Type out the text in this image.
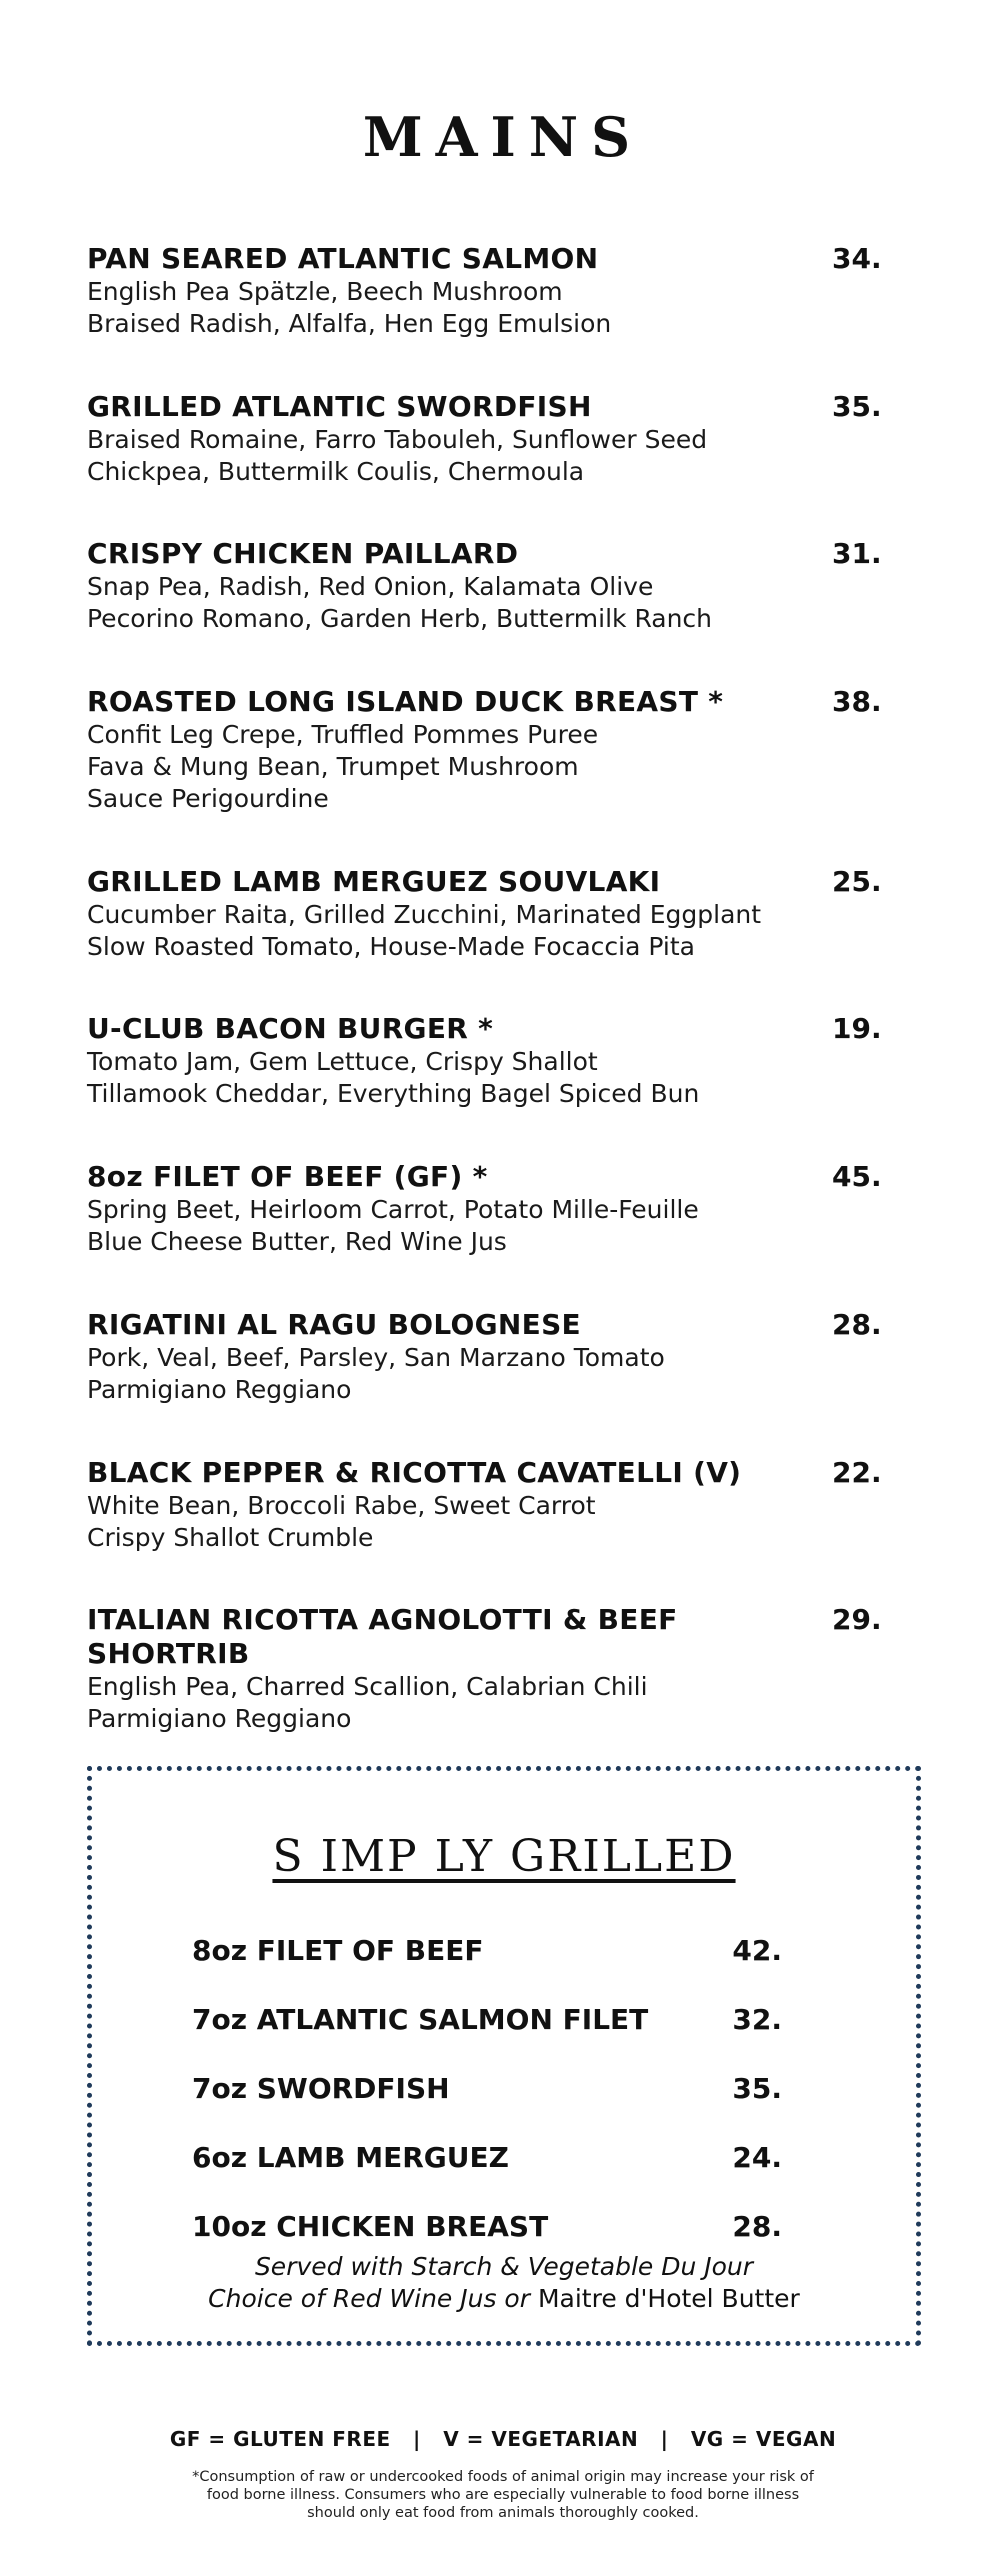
MAINS
PAN SEARED ATLANTIC SALMON	34.
English Pea Spätzle, Beech Mushroom
Braised Radish, Alfalfa, Hen Egg Emulsion
GRILLED ATLANTIC SWORDFISH	35.
Braised Romaine, Farro Tabouleh, Sunflower Seed
Chickpea, Buttermilk Coulis, Chermoula
CRISPY CHICKEN PAILLARD	31.
Snap Pea, Radish, Red Onion, Kalamata Olive
Pecorino Romano, Garden Herb, Buttermilk Ranch
ROASTED LONG ISLAND DUCK BREAST *	38.
Confit Leg Crepe, Truffled Pommes Puree
Fava & Mung Bean, Trumpet Mushroom
Sauce Perigourdine
GRILLED LAMB MERGUEZ SOUVLAKI	25.
Cucumber Raita, Grilled Zucchini, Marinated Eggplant
Slow Roasted Tomato, House-Made Focaccia Pita
U-CLUB BACON BURGER *	19.
Tomato Jam, Gem Lettuce, Crispy Shallot
Tillamook Cheddar, Everything Bagel Spiced Bun
8oz FILET OF BEEF (GF) *	45.
Spring Beet, Heirloom Carrot, Potato Mille-Feuille
Blue Cheese Butter, Red Wine Jus
RIGATINI AL RAGU BOLOGNESE	28.
Pork, Veal, Beef, Parsley, San Marzano Tomato
Parmigiano Reggiano
BLACK PEPPER & RICOTTA CAVATELLI (V)	22.
White Bean, Broccoli Rabe, Sweet Carrot
Crispy Shallot Crumble
ITALIAN RICOTTA AGNOLOTTI & BEEF SHORTRIB
29.
English Pea, Charred Scallion, Calabrian Chili
Parmigiano Reggiano
S IMP LY GRILLED
8oz FILET OF BEEF	42.
7oz ATLANTIC SALMON FILET	32.
7oz SWORDFISH	35.
6oz LAMB MERGUEZ	24.
10oz CHICKEN BREAST	28.
Served with Starch & Vegetable Du Jour
Choice of Red Wine Jus or Maitre d'Hotel Butter
GF = GLUTEN FREE   |   V = VEGETARIAN   |   VG = VEGAN
*Consumption of raw or undercooked foods of animal origin may increase your risk of food borne illness. Consumers who are especially vulnerable to food borne illness should only eat food from animals thoroughly cooked.
